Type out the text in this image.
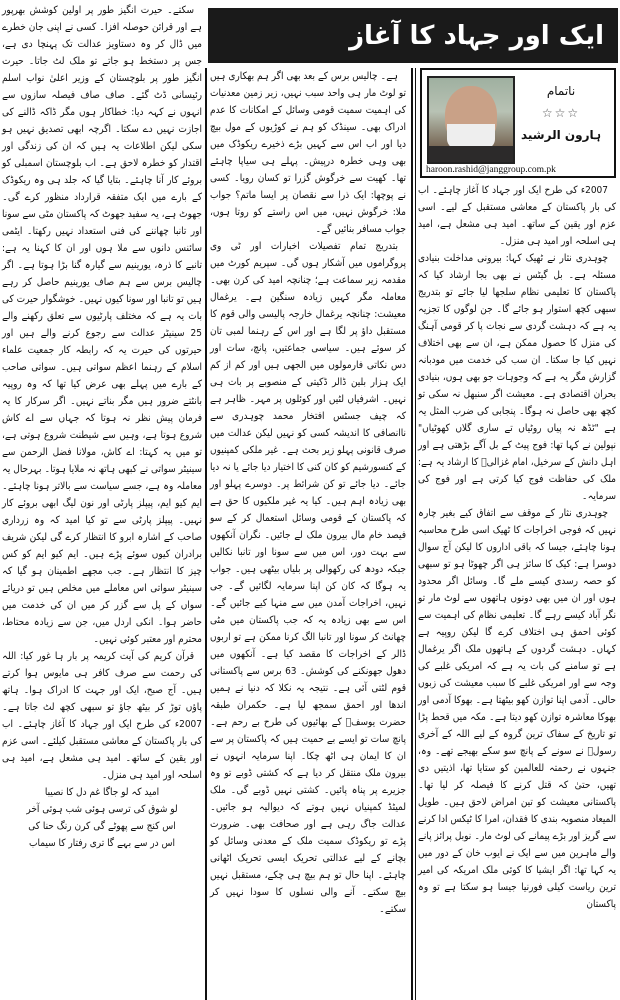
ایک اور جہاد کا آغاز
ناتمام
☆☆☆
ہارون الرشید
haroon.rashid@janggroup.com.pk

2007ء کی طرح ایک اور جہاد کا آغاز چاہئے۔ اب کی بار پاکستان کے معاشی مستقبل کے لیے۔ اسی عزم اور یقین کے ساتھ۔ امید ہی مشعل ہے، امید ہی اسلحہ اور امید ہی منزل۔

چوہدری نثار نے ٹھیک کہا: بیرونی مداخلت بنیادی مسئلہ ہے۔ بل گیٹس نے بھی بجا ارشاد کیا کہ پاکستان کا تعلیمی نظام سلجھا لیا جائے تو بتدریج سبھی کچھ استوار ہو جائے گا۔ جن لوگوں کا تجزیہ یہ ہے کہ دہشت گردی سے نجات پا کر قومی آہنگ کی منزل کا حصول ممکن ہے، ان سے بھی اختلاف نہیں کیا جا سکتا۔ ان سب کی خدمت میں مودبانہ گزارش مگر یہ ہے کہ وجوہات جو بھی ہوں، بنیادی بحران اقتصادی ہے۔ معیشت اگر سنبھل نہ سکی تو کچھ بھی حاصل نہ ہوگا۔ پنجابی کی ضرب المثل یہ ہے "ٹڈھ نہ پیاں روٹیاں تے ساری گلاں کھوٹیاں" نپولین نے کہا تھا: فوج پیٹ کے بل آگے بڑھتی ہے اور اہل دانش کے سرخیل، امام غزالیؒ کا ارشاد یہ ہے: ملک کی حفاظت فوج کیا کرتی ہے اور فوج کی سرمایہ۔

چوہدری نثار کے موقف سے اتفاق کیے بغیر چارہ نہیں کہ فوجی اخراجات کا ٹھیک اسی طرح محاسبہ ہونا چاہئے، جیسا کہ باقی اداروں کا لیکن آج سوال دوسرا ہے: کیک کا سائز ہی اگر چھوٹا ہو تو سبھی کو حصہ رسدی کیسے ملے گا۔ وسائل اگر محدود ہوں اور ان میں بھی دونوں ہاتھوں سے لوٹ مار تو نگر آباد کیسے رہے گا۔ تعلیمی نظام کی اہمیت سے کوئی احمق ہی اختلاف کرے گا لیکن روپیہ ہے کہاں۔ دہشت گردوں کے ہاتھوں ملک اگر یرغمال ہے تو سامنے کی بات یہ ہے کہ امریکی غلبے کی وجہ سے اور امریکی غلبے کا سبب معیشت کی زبوں حالی۔ آدمی اپنا توازن کھو بیٹھتا ہے۔ بھوکا آدمی اور بھوکا معاشرہ توازن کھو دیتا ہے۔ مکہ میں قحط پڑا تو تاریخ کے سفاک ترین گروہ کے لیے اللہ کے آخری رسولؐ نے سونے کے پانچ سو سکے بھیجے تھے۔ وہ، جنہوں نے رحمتہ للعالمین کو ستایا تھا، اذیتیں دی تھیں، حتیٰ کہ قتل کرنے کا فیصلہ کر لیا تھا۔ پاکستانی معیشت کو تین امراض لاحق ہیں۔ طویل المیعاد منصوبہ بندی کا فقدان، امرا کا ٹیکس ادا کرنے سے گریز اور بڑے پیمانے کی لوٹ مار۔ نوبل پرائز پانے والے ماہرین میں سے ایک نے ایوب خان کے دور میں یہ کہا تھا: اگر ایشیا کا کوئی ملک امریکہ کی امیر ترین ریاست کیلی فورنیا جیسا ہو سکتا ہے تو وہ پاکستان

ہے۔ چالیس برس کے بعد بھی اگر ہم بھکاری ہیں تو لوٹ مار ہی واحد سبب نہیں، زیر زمین معدنیات کی اہمیت سمیت قومی وسائل کے امکانات کا عدم ادراک بھی۔ سینڈک کو ہم نے کوڑیوں کے مول بیچ دیا اور اب اس سے کہیں بڑے ذخیرے ریکوڈک میں بھی وہی خطرہ درپیش۔ پہلے ہی سیاپا چاہئے تھا۔ کھیت سے خرگوش گزرا تو کسان رویا۔ کسی نے پوچھا: ایک ذرا سے نقصان پر ایسا ماتم؟ جواب ملا: خرگوش نہیں، میں اس راستے کو روتا ہوں، جواب مسافر بنائیں گے۔

بتدریج تمام تفصیلات اخبارات اور ٹی وی پروگراموں میں آشکار ہوں گی۔ سپریم کورٹ میں مقدمہ زیر سماعت ہے؛ چنانچہ امید کی کرن بھی۔ معاملہ مگر کہیں زیادہ سنگین ہے۔ یرغمال معیشت: چنانچہ یرغمال خارجہ پالیسی والی قوم کا مستقبل داؤ پر لگا ہے اور اس کے رہنما لمبی تان کر سوئے ہیں۔ سیاسی جماعتیں، پانچ، سات اور دس نکاتی فارمولوں میں الجھی ہیں اور کم از کم ایک ہزار بلین ڈالر ڈکیتی کے منصوبے پر بات ہی نہیں۔ اشرفیاں لٹیں اور کوئلوں پر مہر۔ ظاہر ہے کہ چیف جسٹس افتخار محمد چوہدری سے ناانصافی کا اندیشہ کسی کو نہیں لیکن عدالت میں صرف قانونی پہلو زیر بحث ہے۔ غیر ملکی کمپنیوں کے کنسورشیم کو کان کنی کا اختیار دیا جائے یا نہ دیا جائے۔ دیا جائے تو کن شرائط پر۔ دوسرے پہلو اور بھی زیادہ اہم ہیں۔ کیا یہ غیر ملکیوں کا حق ہے کہ پاکستان کے قومی وسائل استعمال کر کے سو فیصد خام مال بیرون ملک لے جائیں۔ نگران آنکھوں سے بہت دور، اس میں سے سونا اور تانبا نکالیں جبکہ دودھ کی رکھوالی پر بلیاں بیٹھی ہیں۔ جواب یہ ہوگا کہ کان کن اپنا سرمایہ لگائیں گے۔ جی نہیں، اخراجات آمدن میں سے منہا کیے جائیں گے۔ اس سے بھی زیادہ یہ کہ جب پاکستان میں مٹی چھانٹ کر سونا اور تانبا الگ کرنا ممکن ہے تو اربوں ڈالر کے اخراجات کا مقصد کیا ہے۔ آنکھوں میں دھول جھونکنے کی کوشش۔ 63 برس سے پاکستانی قوم لٹتی آئی ہے۔ نتیجہ یہ نکلا کہ دنیا نے ہمیں اندھا اور احمق سمجھ لیا ہے۔ حکمران طبقہ حضرت یوسفؑ کے بھائیوں کی طرح بے رحم ہے۔ پانچ سات تو ایسے بے حمیت ہیں کہ پاکستان پر سے ان کا ایمان ہی اٹھ چکا۔ اپنا سرمایہ انہوں نے بیرون ملک منتقل کر دیا ہے کہ کشتی ڈوبے تو وہ جزیرے پر پناہ پائیں۔ کشتی نہیں ڈوبے گی۔ ملک لمیٹڈ کمپنیاں نہیں ہوتے کہ دیوالیہ ہو جائیں۔ عدالت جاگ رہی ہے اور صحافت بھی۔ ضرورت پڑے تو ریکوڈک سمیت ملک کے معدنی وسائل کو بچانے کے لیے عدالتی تحریک ایسی تحریک اٹھانی چاہئے۔ اپنا حال تو ہم بیچ ہی چکے، مستقبل نہیں بیچ سکتے۔ آنے والی نسلوں کا سودا نہیں کر سکتے۔

سکتے۔ حیرت انگیز طور پر اولین کوشش بھرپور ہے اور قرائن حوصلہ افزا۔ کسی نے اپنی جان خطرے میں ڈال کر وہ دستاویز عدالت تک پہنچا دی ہے، جس پر دستخط ہو جاتے تو ملک لٹ جاتا۔ حیرت انگیز طور پر بلوچستان کے وزیر اعلیٰ نواب اسلم رئیسانی ڈٹ گئے۔ صاف صاف فیصلہ سازوں سے انہوں نے کہہ دیا: خطاکار ہوں مگر ڈاکہ ڈالنے کی اجازت نہیں دے سکتا۔ اگرچہ ابھی تصدیق نہیں ہو سکی لیکن اطلاعات یہ ہیں کہ ان کی زندگی اور اقتدار کو خطرہ لاحق ہے۔ اب بلوچستان اسمبلی کو بروئے کار آنا چاہئے۔ بتایا گیا کہ جلد ہی وہ ریکوڈک کے بارے میں ایک متفقہ قرارداد منظور کرے گی۔ جھوٹ ہے، یہ سفید جھوٹ کہ پاکستان مٹی سے سونا اور تانبا چھاننے کی فنی استعداد نہیں رکھتا۔ ایٹمی سائنس دانوں سے ملا ہوں اور ان کا کہنا یہ ہے: تانبے کا ذرہ، یورینیم سے گیارہ گنا بڑا ہوتا ہے۔ اگر چالیس برس سے ہم صاف یورینیم حاصل کر رہے ہیں تو تانبا اور سونا کیوں نہیں۔ خوشگوار حیرت کی بات یہ ہے کہ مختلف پارٹیوں سے تعلق رکھنے والے 25 سینیٹر عدالت سے رجوع کرنے والے ہیں اور حیرتوں کی حیرت یہ کہ رابطہ کار جمعیت علماء اسلام کے رہنما اعظم سواتی ہیں۔ سواتی صاحب کے بارے میں پہلے بھی عرض کیا تھا کہ وہ روپیہ بانٹتے ضرور ہیں مگر بناتے نہیں۔ اگر سرکار کا یہ فرمان پیش نظر نہ ہوتا کہ جہاں سے اے کاش شروع ہوتا ہے، وہیں سے شیطنت شروع ہوتی ہے، تو میں یہ کہتا: اے کاش، مولانا فضل الرحمن سے سینیٹر سواتی نے کبھی ہاتھ نہ ملایا ہوتا۔ بہرحال یہ معاملہ وہ ہے، جسے سیاست سے بالاتر ہونا چاہئے۔ ایم کیو ایم، پیپلز پارٹی اور نون لیگ ابھی بروئے کار نہیں۔ پیپلز پارٹی سے تو کیا امید کہ وہ زرداری صاحب کے اشارہ ابرو کا انتظار کرے گی لیکن شریف برادران کیوں سوئے پڑے ہیں۔ ایم کیو ایم کو کس چیز کا انتظار ہے۔ جب مجھے اطمینان ہو گیا کہ سینیٹر سواتی اس معاملے میں مخلص ہیں تو دریائے سواں کے پل سے گزر کر میں ان کی خدمت میں حاضر ہوا۔ انکی اردل میں، جن سے زیادہ محتاط، محترم اور معتبر کوئی نہیں۔

قرآن کریم کی آیت کریمہ پر بار ہا غور کیا: اللہ کی رحمت سے صرف کافر ہی مایوس ہوا کرتے ہیں۔ آج صبح، ایک اور جہت کا ادراک ہوا۔ ہاتھ پاؤں توڑ کر بیٹھ جاؤ تو سبھی کچھ لٹ جاتا ہے۔ 2007ء کی طرح ایک اور جہاد کا آغاز چاہئے۔ اب کی بار پاکستان کے معاشی مستقبل کیلئے۔ اسی عزم اور یقین کے ساتھ۔ امید ہی مشعل ہے، امید ہی اسلحہ اور امید ہی منزل۔

امید کہ لو جاگا غم دل کا نصیبا

لو شوق کی ترسی ہوئی شب ہوئی آخر

اس کنج سے پھوٹے گی کرن رنگ حنا کی

اس در سے بہے گا تری رفتار کا سیماب
